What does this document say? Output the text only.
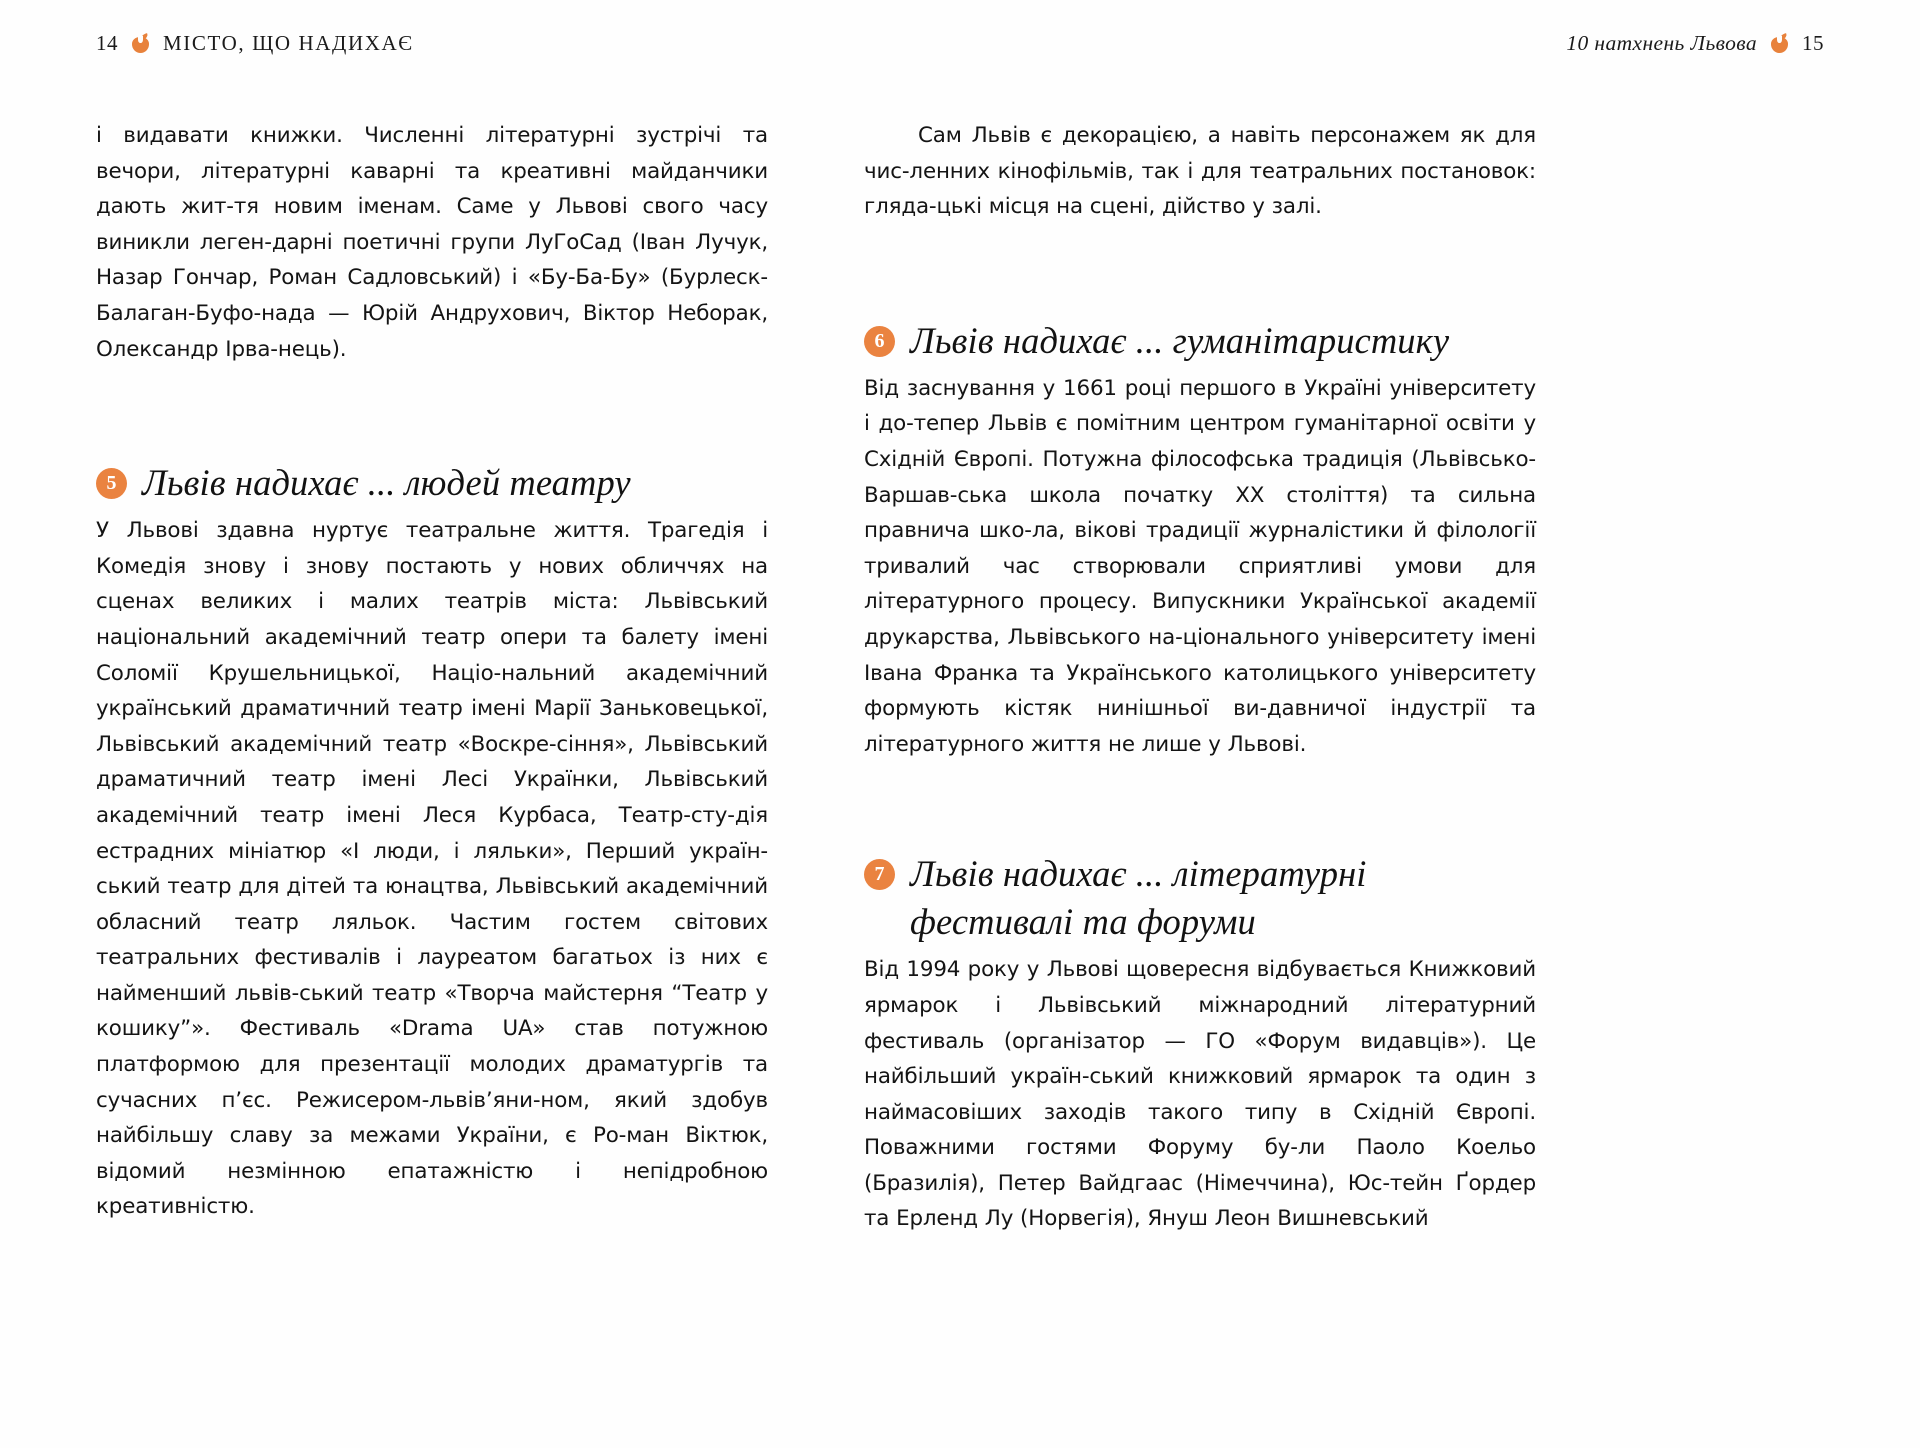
14 МІСТО, ЩО НАДИХАЄ	10 натхнень Львова 15

і видавати книжки. Численні літературні зустрічі та вечори, літературні каварні та креативні майданчики дають жит-тя новим іменам. Саме у Львові свого часу виникли леген-дарні поетичні групи ЛуГоСад (Іван Лучук, Назар Гончар, Роман Садловський) і «Бу-Ба-Бу» (Бурлеск-Балаган-Буфо-нада — Юрій Андрухович, Віктор Неборак, Олександр Ірва-нець).

5 Львів надихає ... людей театру

У Львові здавна нуртує театральне життя. Трагедія і Комедія знову і знову постають у нових обличчях на сценах великих і малих театрів міста: Львівський національний академічний театр опери та балету імені Соломії Крушельницької, Націо-нальний академічний український драматичний театр імені Марії Заньковецької, Львівський академічний театр «Воскре-сіння», Львівський драматичний театр імені Лесі Українки, Львівський академічний театр імені Леся Курбаса, Театр-сту-дія естрадних мініатюр «І люди, і ляльки», Перший україн-ський театр для дітей та юнацтва, Львівський академічний обласний театр ляльок. Частим гостем світових театральних фестивалів і лауреатом багатьох із них є найменший львів-ський театр «Творча майстерня “Театр у кошику”». Фестиваль «Drama UA» став потужною платформою для презентації молодих драматургів та сучасних п’єс. Режисером-львів’яни-ном, який здобув найбільшу славу за межами України, є Ро-ман Віктюк, відомий незмінною епатажністю і непідробною креативністю.

Сам Львів є декорацією, а навіть персонажем як для чис-ленних кінофільмів, так і для театральних постановок: гляда-цькі місця на сцені, дійство у залі.

6 Львів надихає ... гуманітаристику

Від заснування у 1661 році першого в Україні університету і до-тепер Львів є помітним центром гуманітарної освіти у Східній Європі. Потужна філософська традиція (Львівсько-Варшав-ська школа початку ХХ століття) та сильна правнича шко-ла, вікові традиції журналістики й філології тривалий час створювали сприятливі умови для літературного процесу. Випускники Української академії друкарства, Львівського на-ціонального університету імені Івана Франка та Українського католицького університету формують кістяк нинішньої ви-давничої індустрії та літературного життя не лише у Львові.

7 Львів надихає ... літературні фестивалі та форуми

Від 1994 року у Львові щовересня відбувається Книжковий ярмарок і Львівський міжнародний літературний фестиваль (організатор — ГО «Форум видавців»). Це найбільший україн-ський книжковий ярмарок та один з наймасовіших заходів такого типу в Східній Європі. Поважними гостями Форуму бу-ли Паоло Коельо (Бразилія), Петер Вайдгаас (Німеччина), Юс-тейн Ґордер та Ерленд Лу (Норвегія), Януш Леон Вишневський
